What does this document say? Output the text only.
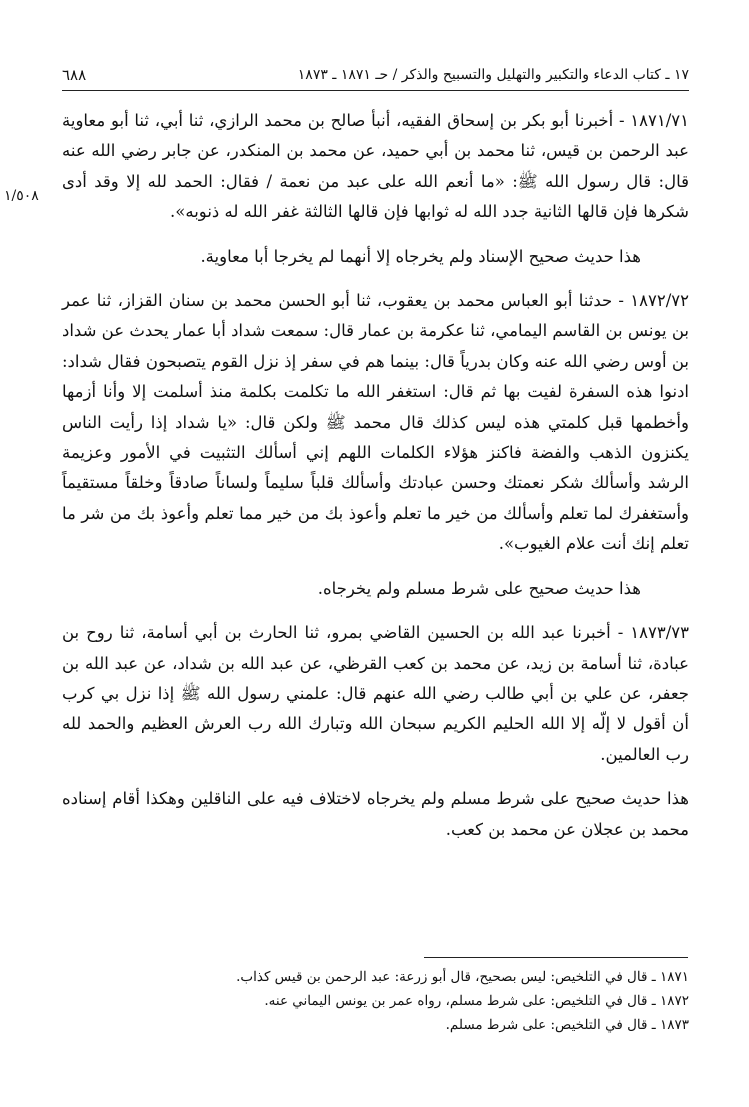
١٧ ـ كتاب الدعاء والتكبير والتهليل والتسبيح والذكر / حـ ١٨٧١ ـ ١٨٧٣
٦٨٨
١/٥٠٨

١٨٧١/٧١ - أخبرنا أبو بكر بن إسحاق الفقيه، أنبأ صالح بن محمد الرازي، ثنا أبي، ثنا أبو معاوية عبد الرحمن بن قيس، ثنا محمد بن أبي حميد، عن محمد بن المنكدر، عن جابر رضي الله عنه قال: قال رسول الله ﷺ: «ما أنعم الله على عبد من نعمة / فقال: الحمد لله إلا وقد أدى شكرها فإن قالها الثانية جدد الله له ثوابها فإن قالها الثالثة غفر الله له ذنوبه».

هذا حديث صحيح الإسناد ولم يخرجاه إلا أنهما لم يخرجا أبا معاوية.

١٨٧٢/٧٢ - حدثنا أبو العباس محمد بن يعقوب، ثنا أبو الحسن محمد بن سنان القزاز، ثنا عمر بن يونس بن القاسم اليمامي، ثنا عكرمة بن عمار قال: سمعت شداد أبا عمار يحدث عن شداد بن أوس رضي الله عنه وكان بدرياً قال: بينما هم في سفر إذ نزل القوم يتصبحون فقال شداد: ادنوا هذه السفرة لفيت بها ثم قال: استغفر الله ما تكلمت بكلمة منذ أسلمت إلا وأنا أزمها وأخطمها قبل كلمتي هذه ليس كذلك قال محمد ﷺ ولكن قال: «يا شداد إذا رأيت الناس يكنزون الذهب والفضة فاكنز هؤلاء الكلمات اللهم إني أسألك التثبيت في الأمور وعزيمة الرشد وأسألك شكر نعمتك وحسن عبادتك وأسألك قلباً سليماً ولساناً صادقاً وخلقاً مستقيماً وأستغفرك لما تعلم وأسألك من خير ما تعلم وأعوذ بك من خير مما تعلم وأعوذ بك من شر ما تعلم إنك أنت علام الغيوب».

هذا حديث صحيح على شرط مسلم ولم يخرجاه.

١٨٧٣/٧٣ - أخبرنا عبد الله بن الحسين القاضي بمرو، ثنا الحارث بن أبي أسامة، ثنا روح بن عبادة، ثنا أسامة بن زيد، عن محمد بن كعب القرظي، عن عبد الله بن شداد، عن عبد الله بن جعفر، عن علي بن أبي طالب رضي الله عنهم قال: علمني رسول الله ﷺ إذا نزل بي كرب أن أقول لا إلّه إلا الله الحليم الكريم سبحان الله وتبارك الله رب العرش العظيم والحمد لله رب العالمين.

هذا حديث صحيح على شرط مسلم ولم يخرجاه لاختلاف فيه على الناقلين وهكذا أقام إسناده محمد بن عجلان عن محمد بن كعب.

١٨٧١ ـ قال في التلخيص: ليس بصحيح، قال أبو زرعة: عبد الرحمن بن قيس كذاب.
١٨٧٢ ـ قال في التلخيص: على شرط مسلم، رواه عمر بن يونس اليماني عنه.
١٨٧٣ ـ قال في التلخيص: على شرط مسلم.
